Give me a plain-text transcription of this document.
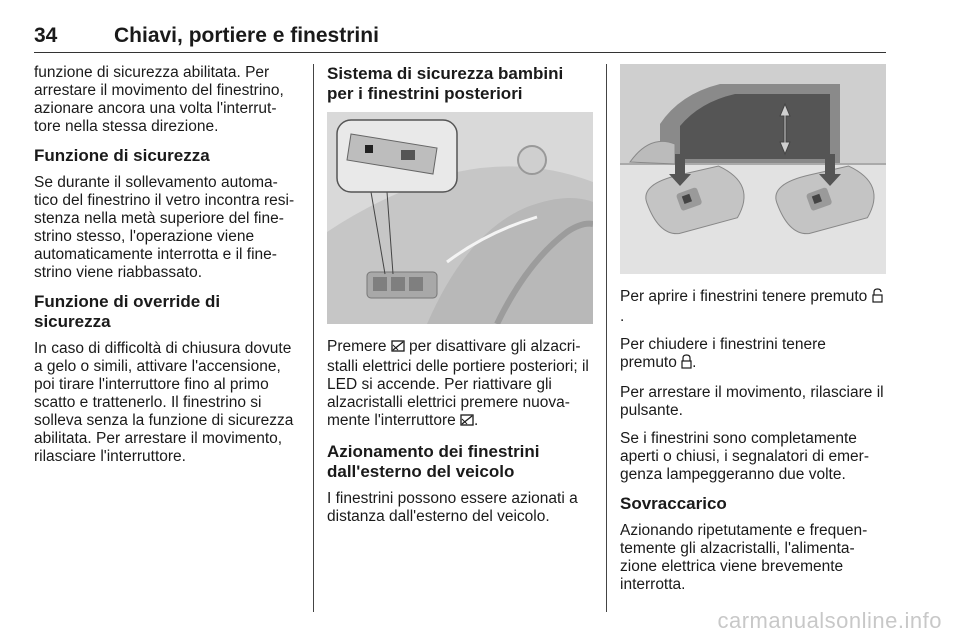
34	Chiavi, portiere e finestrini

funzione di sicurezza abilitata. Per arrestare il movimento del finestrino, azionare ancora una volta l'interrut-tore nella stessa direzione.

Funzione di sicurezza

Se durante il sollevamento automa-tico del finestrino il vetro incontra resi-stenza nella metà superiore del fine-strino stesso, l'operazione viene automaticamente interrotta e il fine-strino viene riabbassato.

Funzione di override di sicurezza

In caso di difficoltà di chiusura dovute a gelo o simili, attivare l'accensione, poi tirare l'interruttore fino al primo scatto e trattenerlo. Il finestrino si solleva senza la funzione di sicurezza abilitata. Per arrestare il movimento, rilasciare l'interruttore.

Sistema di sicurezza bambini per i finestrini posteriori

Premere  per disattivare gli alzacri-stalli elettrici delle portiere posteriori; il LED si accende. Per riattivare gli alzacristalli elettrici premere nuova-mente l'interruttore .

Azionamento dei finestrini dall'esterno del veicolo

I finestrini possono essere azionati a distanza dall'esterno del veicolo.

Per aprire i finestrini tenere premuto .

Per chiudere i finestrini tenere premuto .

Per arrestare il movimento, rilasciare il pulsante.

Se i finestrini sono completamente aperti o chiusi, i segnalatori di emer-genza lampeggeranno due volte.

Sovraccarico

Azionando ripetutamente e frequen-temente gli alzacristalli, l'alimenta-zione elettrica viene brevemente interrotta.

carmanualsonline.info
